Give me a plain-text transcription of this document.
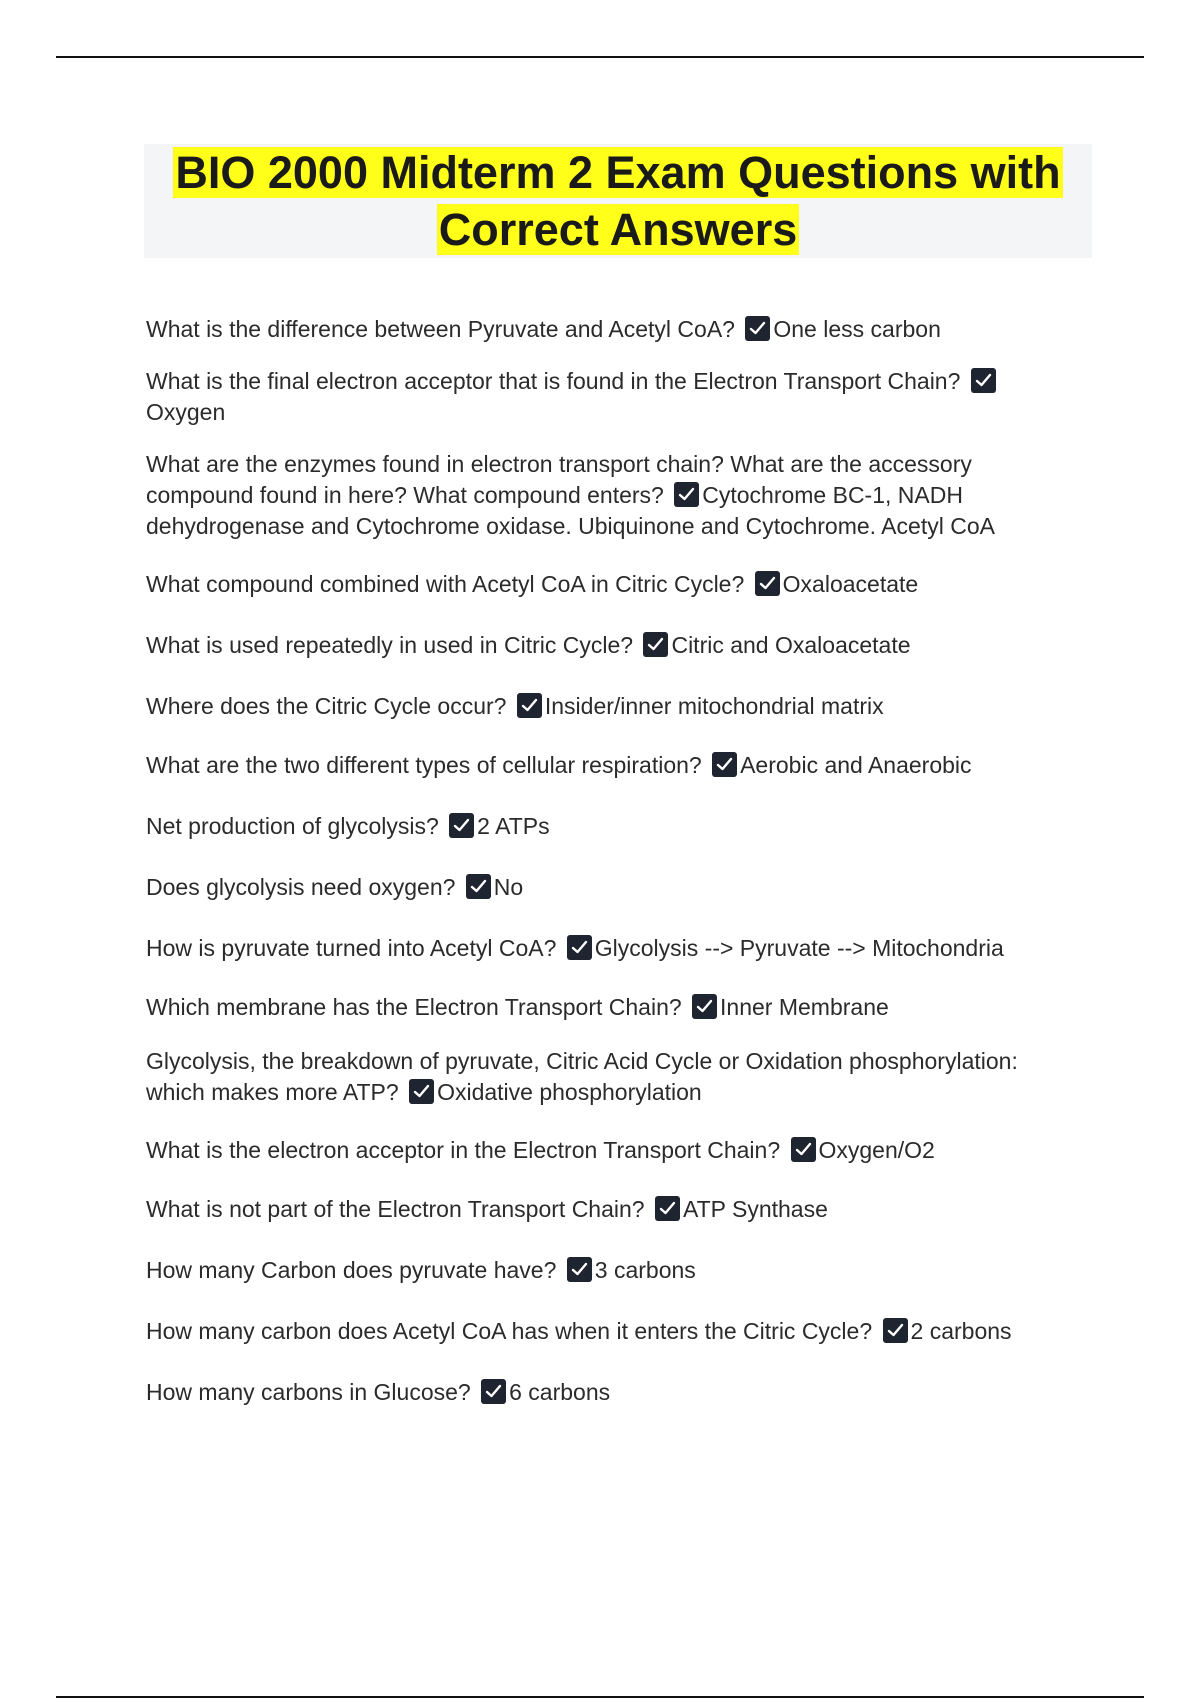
BIO 2000 Midterm 2 Exam Questions with Correct Answers

What is the difference between Pyruvate and Acetyl CoA? One less carbon

What is the final electron acceptor that is found in the Electron Transport Chain?
Oxygen

What are the enzymes found in electron transport chain? What are the accessory compound found in here? What compound enters? Cytochrome BC-1, NADH dehydrogenase and Cytochrome oxidase. Ubiquinone and Cytochrome. Acetyl CoA

What compound combined with Acetyl CoA in Citric Cycle? Oxaloacetate

What is used repeatedly in used in Citric Cycle? Citric and Oxaloacetate

Where does the Citric Cycle occur? Insider/inner mitochondrial matrix

What are the two different types of cellular respiration? Aerobic and Anaerobic

Net production of glycolysis? 2 ATPs

Does glycolysis need oxygen? No

How is pyruvate turned into Acetyl CoA? Glycolysis --> Pyruvate --> Mitochondria

Which membrane has the Electron Transport Chain? Inner Membrane

Glycolysis, the breakdown of pyruvate, Citric Acid Cycle or Oxidation phosphorylation: which makes more ATP? Oxidative phosphorylation

What is the electron acceptor in the Electron Transport Chain? Oxygen/O2

What is not part of the Electron Transport Chain? ATP Synthase

How many Carbon does pyruvate have? 3 carbons

How many carbon does Acetyl CoA has when it enters the Citric Cycle? 2 carbons

How many carbons in Glucose? 6 carbons
